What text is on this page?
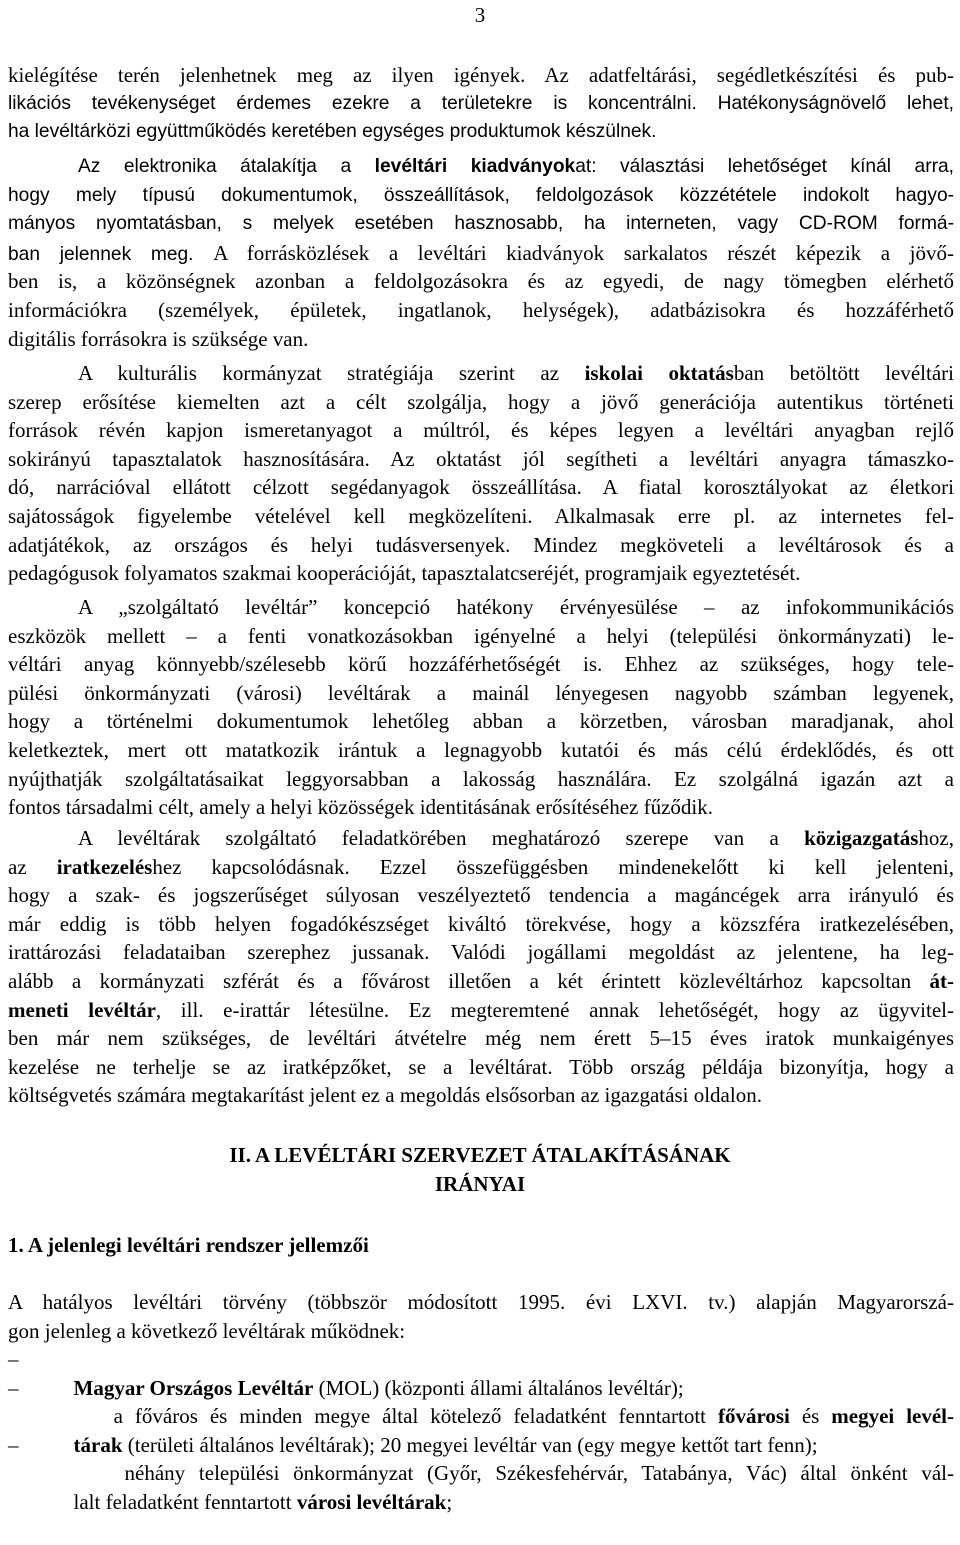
3
kielégítése terén jelenhetnek meg az ilyen igények. Az adatfeltárási, segédletkészítési és pub-
likációs tevékenységet érdemes ezekre a területekre is koncentrálni. Hatékonyságnövelő lehet,
ha levéltárközi együttműködés keretében egységes produktumok készülnek.
Az elektronika átalakítja a levéltári kiadványokat: választási lehetőséget kínál arra,
hogy mely típusú dokumentumok, összeállítások, feldolgozások közzététele indokolt hagyo-
mányos nyomtatásban, s melyek esetében hasznosabb, ha interneten, vagy CD-ROM formá-
ban jelennek meg. A forrásközlések a levéltári kiadványok sarkalatos részét képezik a jövő-
ben is, a közönségnek azonban a feldolgozásokra és az egyedi, de nagy tömegben elérhető
információkra (személyek, épületek, ingatlanok, helységek), adatbázisokra és hozzáférhető
digitális forrásokra is szüksége van.
A kulturális kormányzat stratégiája szerint az iskolai oktatásban betöltött levéltári
szerep erősítése kiemelten azt a célt szolgálja, hogy a jövő generációja autentikus történeti
források révén kapjon ismeretanyagot a múltról, és képes legyen a levéltári anyagban rejlő
sokirányú tapasztalatok hasznosítására. Az oktatást jól segítheti a levéltári anyagra támaszko-
dó, narrációval ellátott célzott segédanyagok összeállítása. A fiatal korosztályokat az életkori
sajátosságok figyelembe vételével kell megközelíteni. Alkalmasak erre pl. az internetes fel-
adatjátékok, az országos és helyi tudásversenyek. Mindez megköveteli a levéltárosok és a
pedagógusok folyamatos szakmai kooperációját, tapasztalatcseréjét, programjaik egyeztetését.
A „szolgáltató levéltár” koncepció hatékony érvényesülése – az infokommunikációs
eszközök mellett – a fenti vonatkozásokban igényelné a helyi (települési önkormányzati) le-
véltári anyag könnyebb/szélesebb körű hozzáférhetőségét is. Ehhez az szükséges, hogy tele-
pülési önkormányzati (városi) levéltárak a mainál lényegesen nagyobb számban legyenek,
hogy a történelmi dokumentumok lehetőleg abban a körzetben, városban maradjanak, ahol
keletkeztek, mert ott matatkozik irántuk a legnagyobb kutatói és más célú érdeklődés, és ott
nyújthatják szolgáltatásaikat leggyorsabban a lakosság használára. Ez szolgálná igazán azt a
fontos társadalmi célt, amely a helyi közösségek identitásának erősítéséhez fűződik.
A levéltárak szolgáltató feladatkörében meghatározó szerepe van a közigazgatáshoz,
az iratkezeléshez kapcsolódásnak. Ezzel összefüggésben mindenekelőtt ki kell jelenteni,
hogy a szak- és jogszerűséget súlyosan veszélyeztető tendencia a magáncégek arra irányuló és
már eddig is több helyen fogadókészséget kiváltó törekvése, hogy a közszféra iratkezelésében,
irattározási feladataiban szerephez jussanak. Valódi jogállami megoldást az jelentene, ha leg-
alább a kormányzati szférát és a fővárost illetően a két érintett közlevéltárhoz kapcsoltan át-
meneti levéltár, ill. e-irattár létesülne. Ez megteremtené annak lehetőségét, hogy az ügyvitel-
ben már nem szükséges, de levéltári átvételre még nem érett 5–15 éves iratok munkaigényes
kezelése ne terhelje se az iratképzőket, se a levéltárat. Több ország példája bizonyítja, hogy a
költségvetés számára megtakarítást jelent ez a megoldás elsősorban az igazgatási oldalon.
II. A LEVÉLTÁRI SZERVEZET ÁTALAKÍTÁSÁNAK
IRÁNYAI
1. A jelenlegi levéltári rendszer jellemzői
A hatályos levéltári törvény (többször módosított 1995. évi LXVI. tv.) alapján Magyarorszá-
gon jelenleg a következő levéltárak működnek:

–
Magyar Országos Levéltár (MOL) (központi állami általános levéltár);

–
a főváros és minden megye által kötelező feladatként fenntartott fővárosi és megyei levél-

tárak (területi általános levéltárak); 20 megyei levéltár van (egy megye kettőt tart fenn);

–
néhány települési önkormányzat (Győr, Székesfehérvár, Tatabánya, Vác) által önként vál-

lalt feladatként fenntartott városi levéltárak;
